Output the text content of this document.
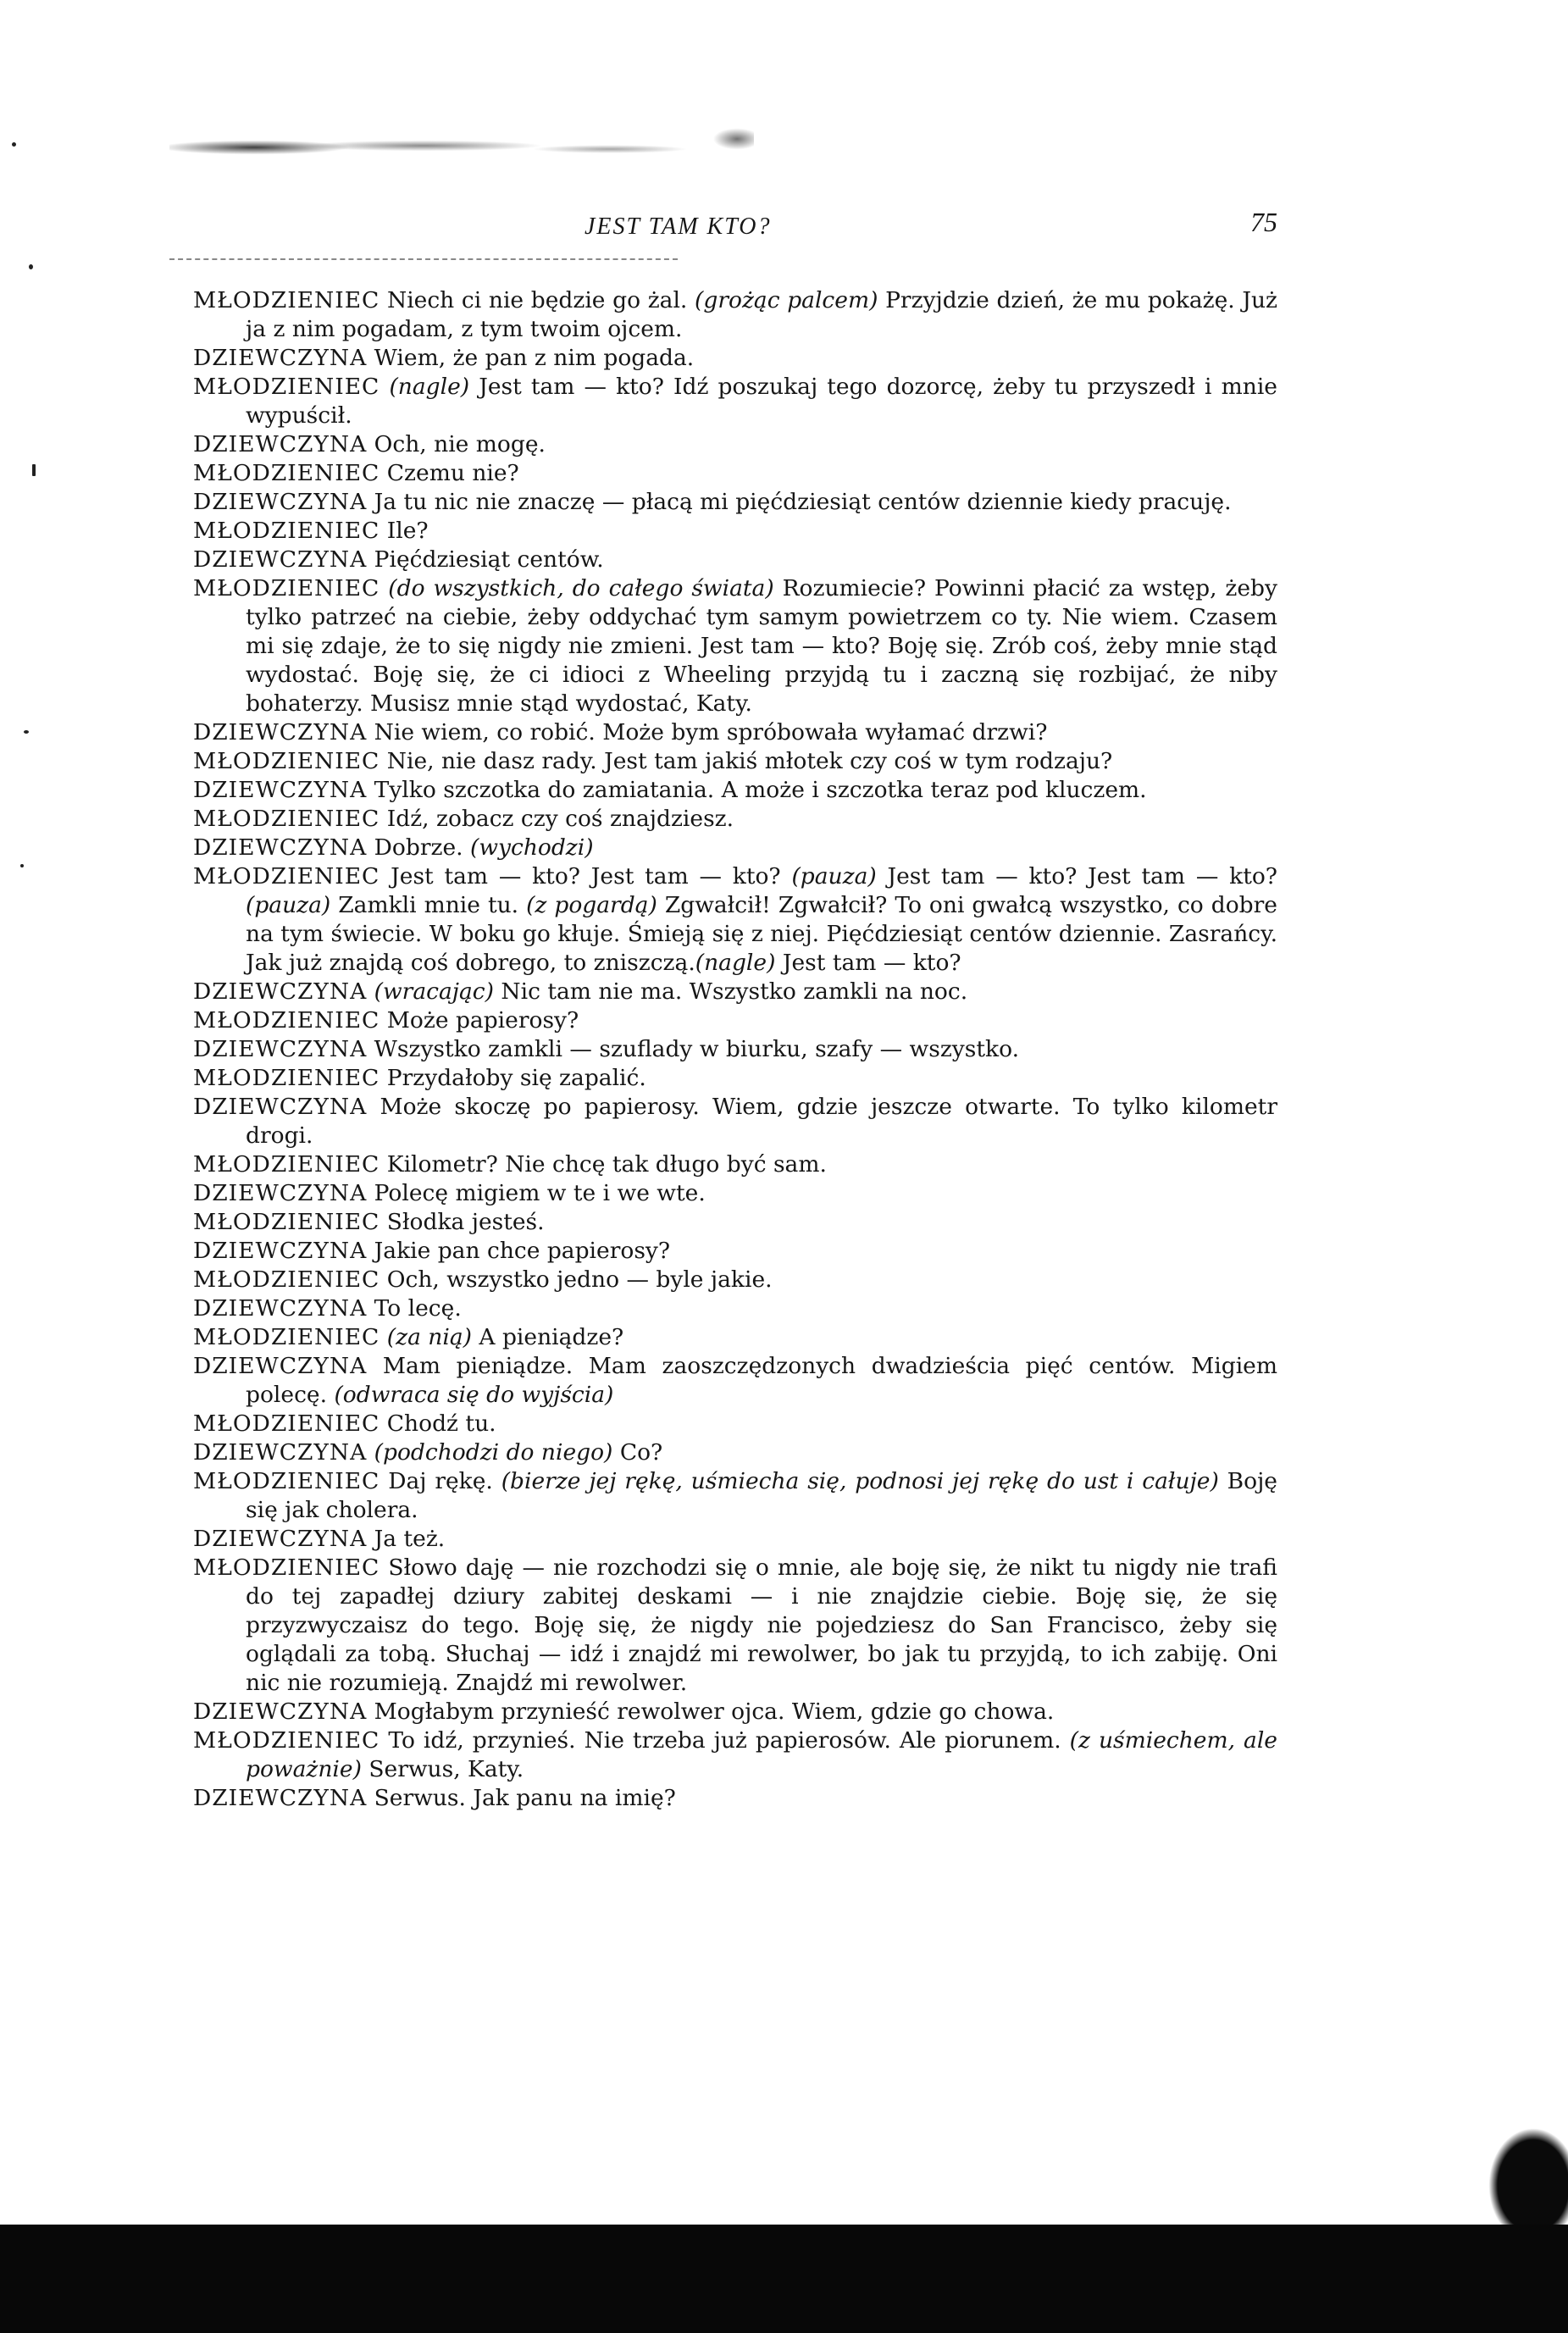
JEST TAM KTO?	75

MŁODZIENIEC Niech ci nie będzie go żal. (grożąc palcem) Przyjdzie dzień, że mu pokażę. Już ja z nim pogadam, z tym twoim ojcem.

DZIEWCZYNA Wiem, że pan z nim pogada.

MŁODZIENIEC (nagle) Jest tam — kto? Idź poszukaj tego dozorcę, żeby tu przyszedł i mnie wypuścił.

DZIEWCZYNA Och, nie mogę.

MŁODZIENIEC Czemu nie?

DZIEWCZYNA Ja tu nic nie znaczę — płacą mi pięćdziesiąt centów dziennie kiedy pracuję.

MŁODZIENIEC Ile?

DZIEWCZYNA Pięćdziesiąt centów.

MŁODZIENIEC (do wszystkich, do całego świata) Rozumiecie? Powinni płacić za wstęp, żeby tylko patrzeć na ciebie, żeby oddychać tym samym powietrzem co ty. Nie wiem. Czasem mi się zdaje, że to się nigdy nie zmieni. Jest tam — kto? Boję się. Zrób coś, żeby mnie stąd wydostać. Boję się, że ci idioci z Wheeling przyjdą tu i zaczną się rozbijać, że niby bohaterzy. Musisz mnie stąd wydostać, Katy.

DZIEWCZYNA Nie wiem, co robić. Może bym spróbowała wyłamać drzwi?

MŁODZIENIEC Nie, nie dasz rady. Jest tam jakiś młotek czy coś w tym rodzaju?

DZIEWCZYNA Tylko szczotka do zamiatania. A może i szczotka teraz pod kluczem.

MŁODZIENIEC Idź, zobacz czy coś znajdziesz.

DZIEWCZYNA Dobrze. (wychodzi)

MŁODZIENIEC Jest tam — kto? Jest tam — kto? (pauza) Jest tam — kto? Jest tam — kto? (pauza) Zamkli mnie tu. (z pogardą) Zgwałcił! Zgwałcił? To oni gwałcą wszystko, co dobre na tym świecie. W boku go kłuje. Śmieją się z niej. Pięćdziesiąt centów dziennie. Zasrańcy. Jak już znajdą coś dobrego, to zniszczą.(nagle) Jest tam — kto?

DZIEWCZYNA (wracając) Nic tam nie ma. Wszystko zamkli na noc.

MŁODZIENIEC Może papierosy?

DZIEWCZYNA Wszystko zamkli — szuflady w biurku, szafy — wszystko.

MŁODZIENIEC Przydałoby się zapalić.

DZIEWCZYNA Może skoczę po papierosy. Wiem, gdzie jeszcze otwarte. To tylko kilometr drogi.

MŁODZIENIEC Kilometr? Nie chcę tak długo być sam.

DZIEWCZYNA Polecę migiem w te i we wte.

MŁODZIENIEC Słodka jesteś.

DZIEWCZYNA Jakie pan chce papierosy?

MŁODZIENIEC Och, wszystko jedno — byle jakie.

DZIEWCZYNA To lecę.

MŁODZIENIEC (za nią) A pieniądze?

DZIEWCZYNA Mam pieniądze. Mam zaoszczędzonych dwadzieścia pięć centów. Migiem polecę. (odwraca się do wyjścia)

MŁODZIENIEC Chodź tu.

DZIEWCZYNA (podchodzi do niego) Co?

MŁODZIENIEC Daj rękę. (bierze jej rękę, uśmiecha się, podnosi jej rękę do ust i całuje) Boję się jak cholera.

DZIEWCZYNA Ja też.

MŁODZIENIEC Słowo daję — nie rozchodzi się o mnie, ale boję się, że nikt tu nigdy nie trafi do tej zapadłej dziury zabitej deskami — i nie znajdzie ciebie. Boję się, że się przyzwyczaisz do tego. Boję się, że nigdy nie pojedziesz do San Francisco, żeby się oglądali za tobą. Słuchaj — idź i znajdź mi rewolwer, bo jak tu przyjdą, to ich zabiję. Oni nic nie rozumieją. Znajdź mi rewolwer.

DZIEWCZYNA Mogłabym przynieść rewolwer ojca. Wiem, gdzie go chowa.

MŁODZIENIEC To idź, przynieś. Nie trzeba już papierosów. Ale piorunem. (z uśmiechem, ale poważnie) Serwus, Katy.

DZIEWCZYNA Serwus. Jak panu na imię?
